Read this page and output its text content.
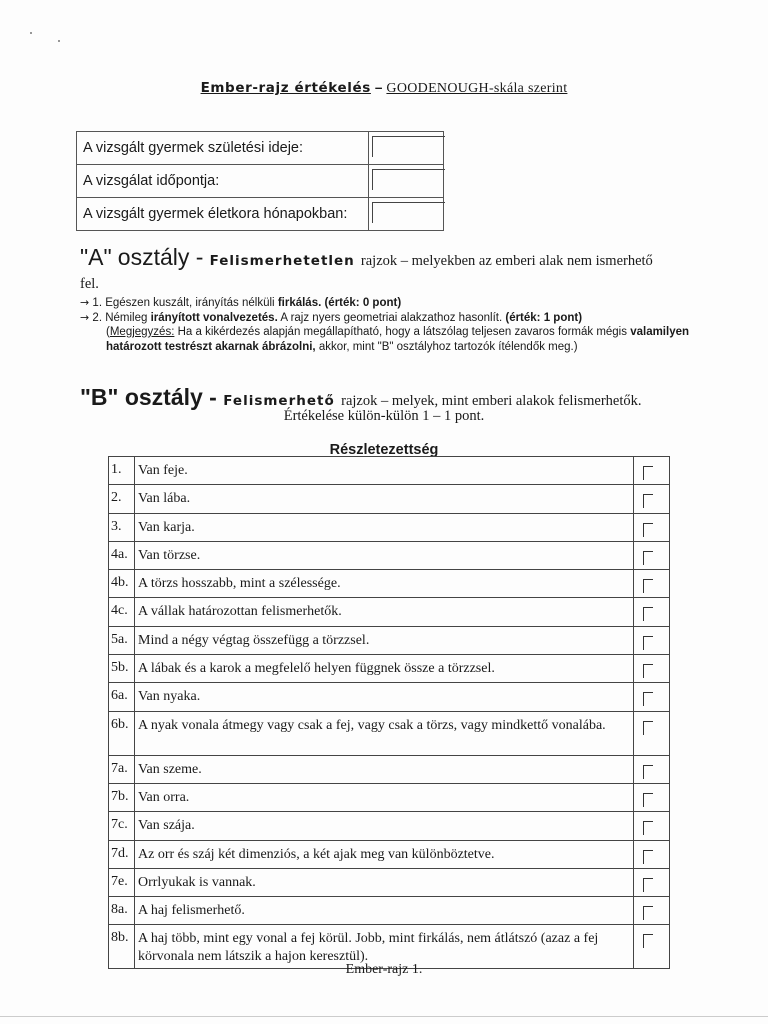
Ember-rajz értékelés – GOODENOUGH-skála szerint
A vizsgált gyermek születési ideje:	

A vizsgálat időpontja:	

A vizsgált gyermek életkora hónapokban:	
"A" osztály - Felismerhetetlen rajzok – melyekben az emberi alak nem ismerhető
fel.
→ 1. Egészen kuszált, irányítás nélküli firkálás. (érték: 0 pont)
→ 2. Némileg irányított vonalvezetés. A rajz nyers geometriai alakzathoz hasonlít. (érték: 1 pont)
(Megjegyzés: Ha a kikérdezés alapján megállapítható, hogy a látszólag teljesen zavaros formák mégis valamilyen határozott testrészt akarnak ábrázolni, akkor, mint "B" osztályhoz tartozók ítélendők meg.)
"B" osztály - Felismerhető rajzok – melyek, mint emberi alakok felismerhetők.
Értékelése külön-külön 1 – 1 pont.
Részletezettség
1.	Van feje.	

2.	Van lába.	

3.	Van karja.	

4a.	Van törzse.	

4b.	A törzs hosszabb, mint a szélessége.	

4c.	A vállak határozottan felismerhetők.	

5a.	Mind a négy végtag összefügg a törzzsel.	

5b.	A lábak és a karok a megfelelő helyen függnek össze a törzzsel.	

6a.	Van nyaka.	

6b.	A nyak vonala átmegy vagy csak a fej, vagy csak a törzs, vagy mindkettő vonalába.	

7a.	Van szeme.	

7b.	Van orra.	

7c.	Van szája.	

7d.	Az orr és száj két dimenziós, a két ajak meg van különböztetve.	

7e.	Orrlyukak is vannak.	

8a.	A haj felismerhető.	

8b.	A haj több, mint egy vonal a fej körül. Jobb, mint firkálás, nem átlátszó (azaz a fej körvonala nem látszik a hajon keresztül).	
Ember-rajz 1.
